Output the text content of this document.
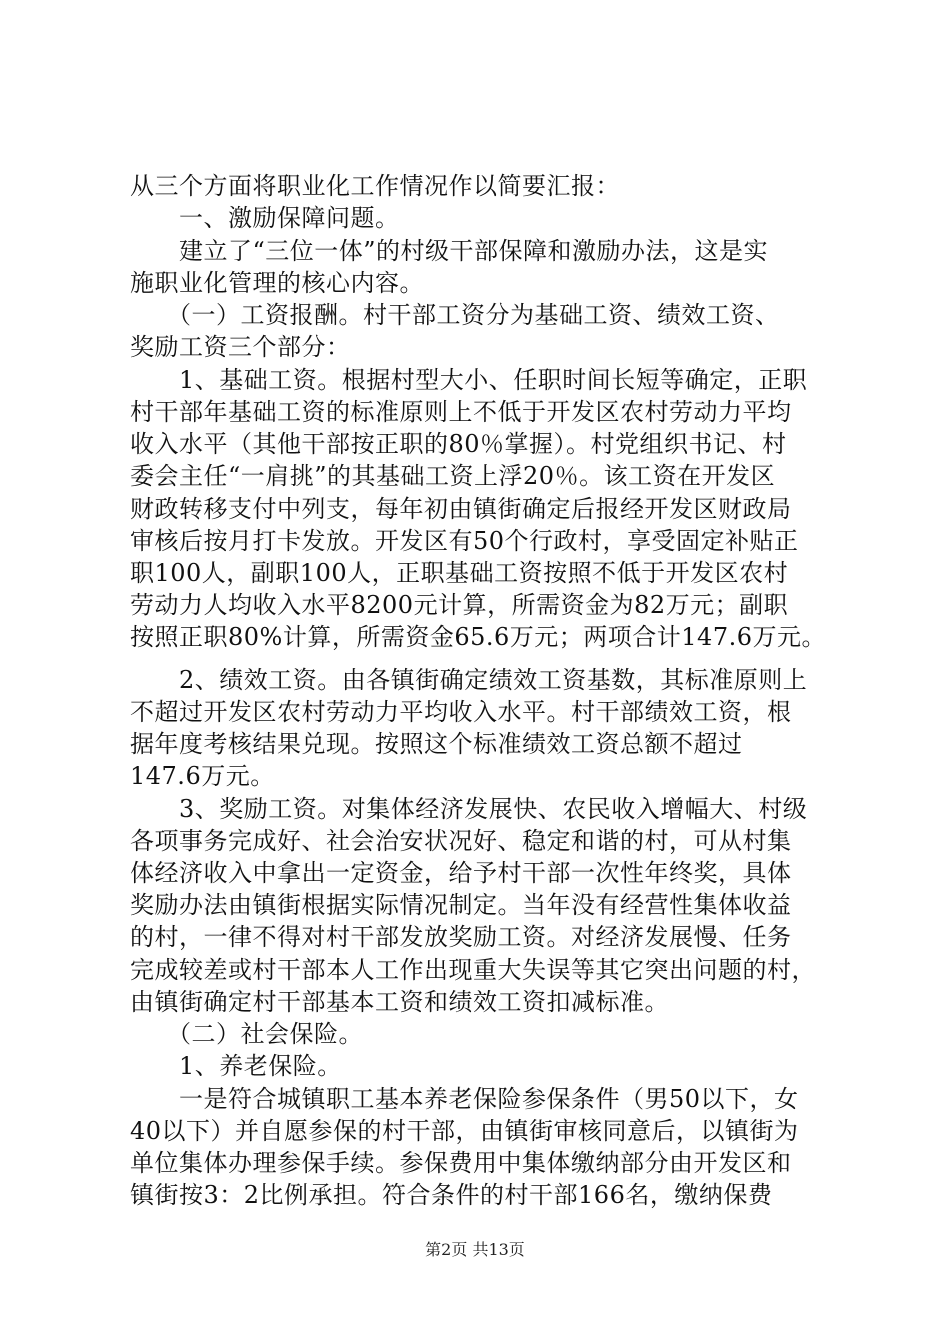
从三个方面将职业化工作情况作以简要汇报：
　　一、激励保障问题。
　　建立了“三位一体”的村级干部保障和激励办法，这是实
施职业化管理的核心内容。
　　（一）工资报酬。村干部工资分为基础工资、绩效工资、
奖励工资三个部分：
　　1、基础工资。根据村型大小、任职时间长短等确定，正职
村干部年基础工资的标准原则上不低于开发区农村劳动力平均
收入水平（其他干部按正职的80％掌握）。村党组织书记、村
委会主任“一肩挑”的其基础工资上浮20％。该工资在开发区
财政转移支付中列支，每年初由镇街确定后报经开发区财政局
审核后按月打卡发放。开发区有50个行政村，享受固定补贴正
职100人，副职100人，正职基础工资按照不低于开发区农村
劳动力人均收入水平8200元计算，所需资金为82万元；副职
按照正职80%计算，所需资金65.6万元；两项合计147.6万元。
　　2、绩效工资。由各镇街确定绩效工资基数，其标准原则上
不超过开发区农村劳动力平均收入水平。村干部绩效工资，根
据年度考核结果兑现。按照这个标准绩效工资总额不超过
147.6万元。
　　3、奖励工资。对集体经济发展快、农民收入增幅大、村级
各项事务完成好、社会治安状况好、稳定和谐的村，可从村集
体经济收入中拿出一定资金，给予村干部一次性年终奖，具体
奖励办法由镇街根据实际情况制定。当年没有经营性集体收益
的村，一律不得对村干部发放奖励工资。对经济发展慢、任务
完成较差或村干部本人工作出现重大失误等其它突出问题的村，
由镇街确定村干部基本工资和绩效工资扣减标准。
　　（二）社会保险。
　　1、养老保险。
　　一是符合城镇职工基本养老保险参保条件（男50以下，女
40以下）并自愿参保的村干部，由镇街审核同意后，以镇街为
单位集体办理参保手续。参保费用中集体缴纳部分由开发区和
镇街按3：2比例承担。符合条件的村干部166名，缴纳保费
第2页 共13页
